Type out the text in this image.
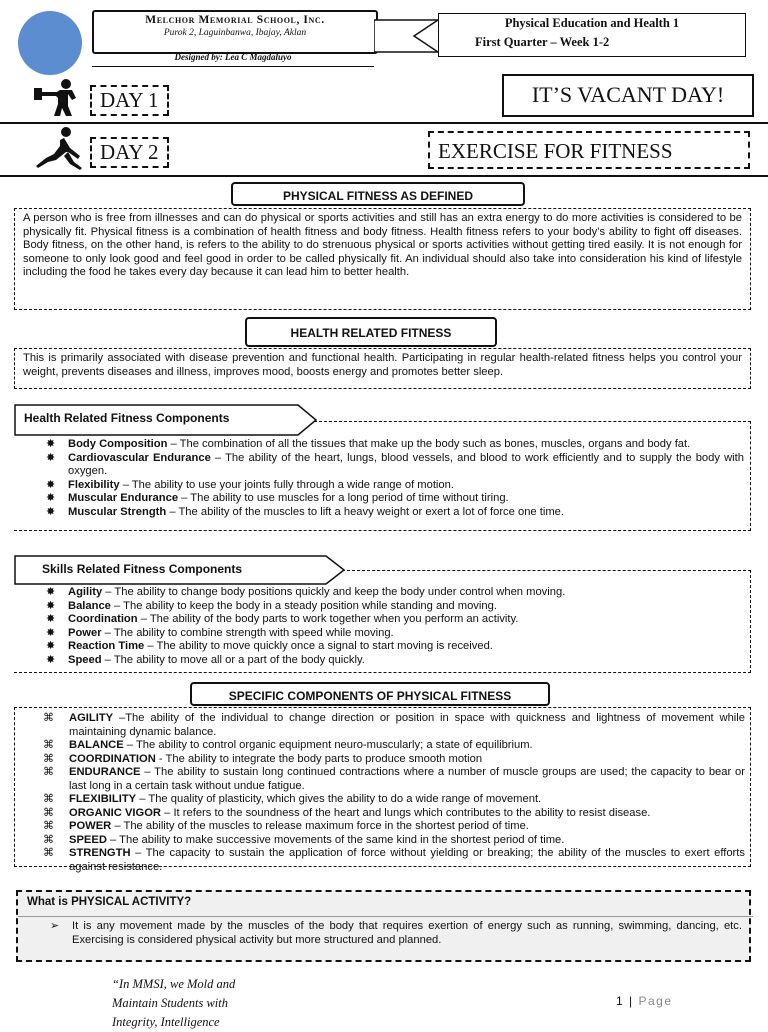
Melchor Memorial School, Inc.
Purok 2, Laguinbanwa, Ibajay, Aklan
Designed by: Lea C Magdaluyo
Physical Education and Health 1
First Quarter – Week 1-2
DAY 1	IT’S VACANT DAY!
DAY 2	EXERCISE FOR FITNESS
PHYSICAL FITNESS AS DEFINED
A person who is free from illnesses and can do physical or sports activities and still has an extra energy to do more activities is considered to be physically fit. Physical fitness is a combination of health fitness and body fitness. Health fitness refers to your body’s ability to fight off diseases. Body fitness, on the other hand, is refers to the ability to do strenuous physical or sports activities without getting tired easily. It is not enough for someone to only look good and feel good in order to be called physically fit. An individual should also take into consideration his kind of lifestyle including the food he takes every day because it can lead him to better health.
HEALTH RELATED FITNESS
This is primarily associated with disease prevention and functional health. Participating in regular health-related fitness helps you control your weight, prevents diseases and illness, improves mood, boosts energy and promotes better sleep.
✸ Body Composition – The combination of all the tissues that make up the body such as bones, muscles, organs and body fat.
✸ Cardiovascular Endurance – The ability of the heart, lungs, blood vessels, and blood to work efficiently and to supply the body with oxygen.
✸ Flexibility – The ability to use your joints fully through a wide range of motion.
✸ Muscular Endurance – The ability to use muscles for a long period of time without tiring.
✸ Muscular Strength – The ability of the muscles to lift a heavy weight or exert a lot of force one time.
Health Related Fitness Components
✸ Agility – The ability to change body positions quickly and keep the body under control when moving.
✸ Balance – The ability to keep the body in a steady position while standing and moving.
✸ Coordination – The ability of the body parts to work together when you perform an activity.
✸ Power – The ability to combine strength with speed while moving.
✸ Reaction Time – The ability to move quickly once a signal to start moving is received.
✸ Speed – The ability to move all or a part of the body quickly.
Skills Related Fitness Components
SPECIFIC COMPONENTS OF PHYSICAL FITNESS
⌘ AGILITY –The ability of the individual to change direction or position in space with quickness and lightness of movement while maintaining dynamic balance.
⌘ BALANCE – The ability to control organic equipment neuro-muscularly; a state of equilibrium.
⌘ COORDINATION - The ability to integrate the body parts to produce smooth motion
⌘ ENDURANCE – The ability to sustain long continued contractions where a number of muscle groups are used; the capacity to bear or last long in a certain task without undue fatigue.
⌘ FLEXIBILITY – The quality of plasticity, which gives the ability to do a wide range of movement.
⌘ ORGANIC VIGOR – It refers to the soundness of the heart and lungs which contributes to the ability to resist disease.
⌘ POWER – The ability of the muscles to release maximum force in the shortest period of time.
⌘ SPEED – The ability to make successive movements of the same kind in the shortest period of time.
⌘ STRENGTH – The capacity to sustain the application of force without yielding or breaking; the ability of the muscles to exert efforts against resistance.
What is PHYSICAL ACTIVITY?
➢ It is any movement made by the muscles of the body that requires exertion of energy such as running, swimming, dancing, etc. Exercising is considered physical activity but more structured and planned.
“In MMSI, we Mold and
Maintain Students with
Integrity, Intelligence
1 | Page
